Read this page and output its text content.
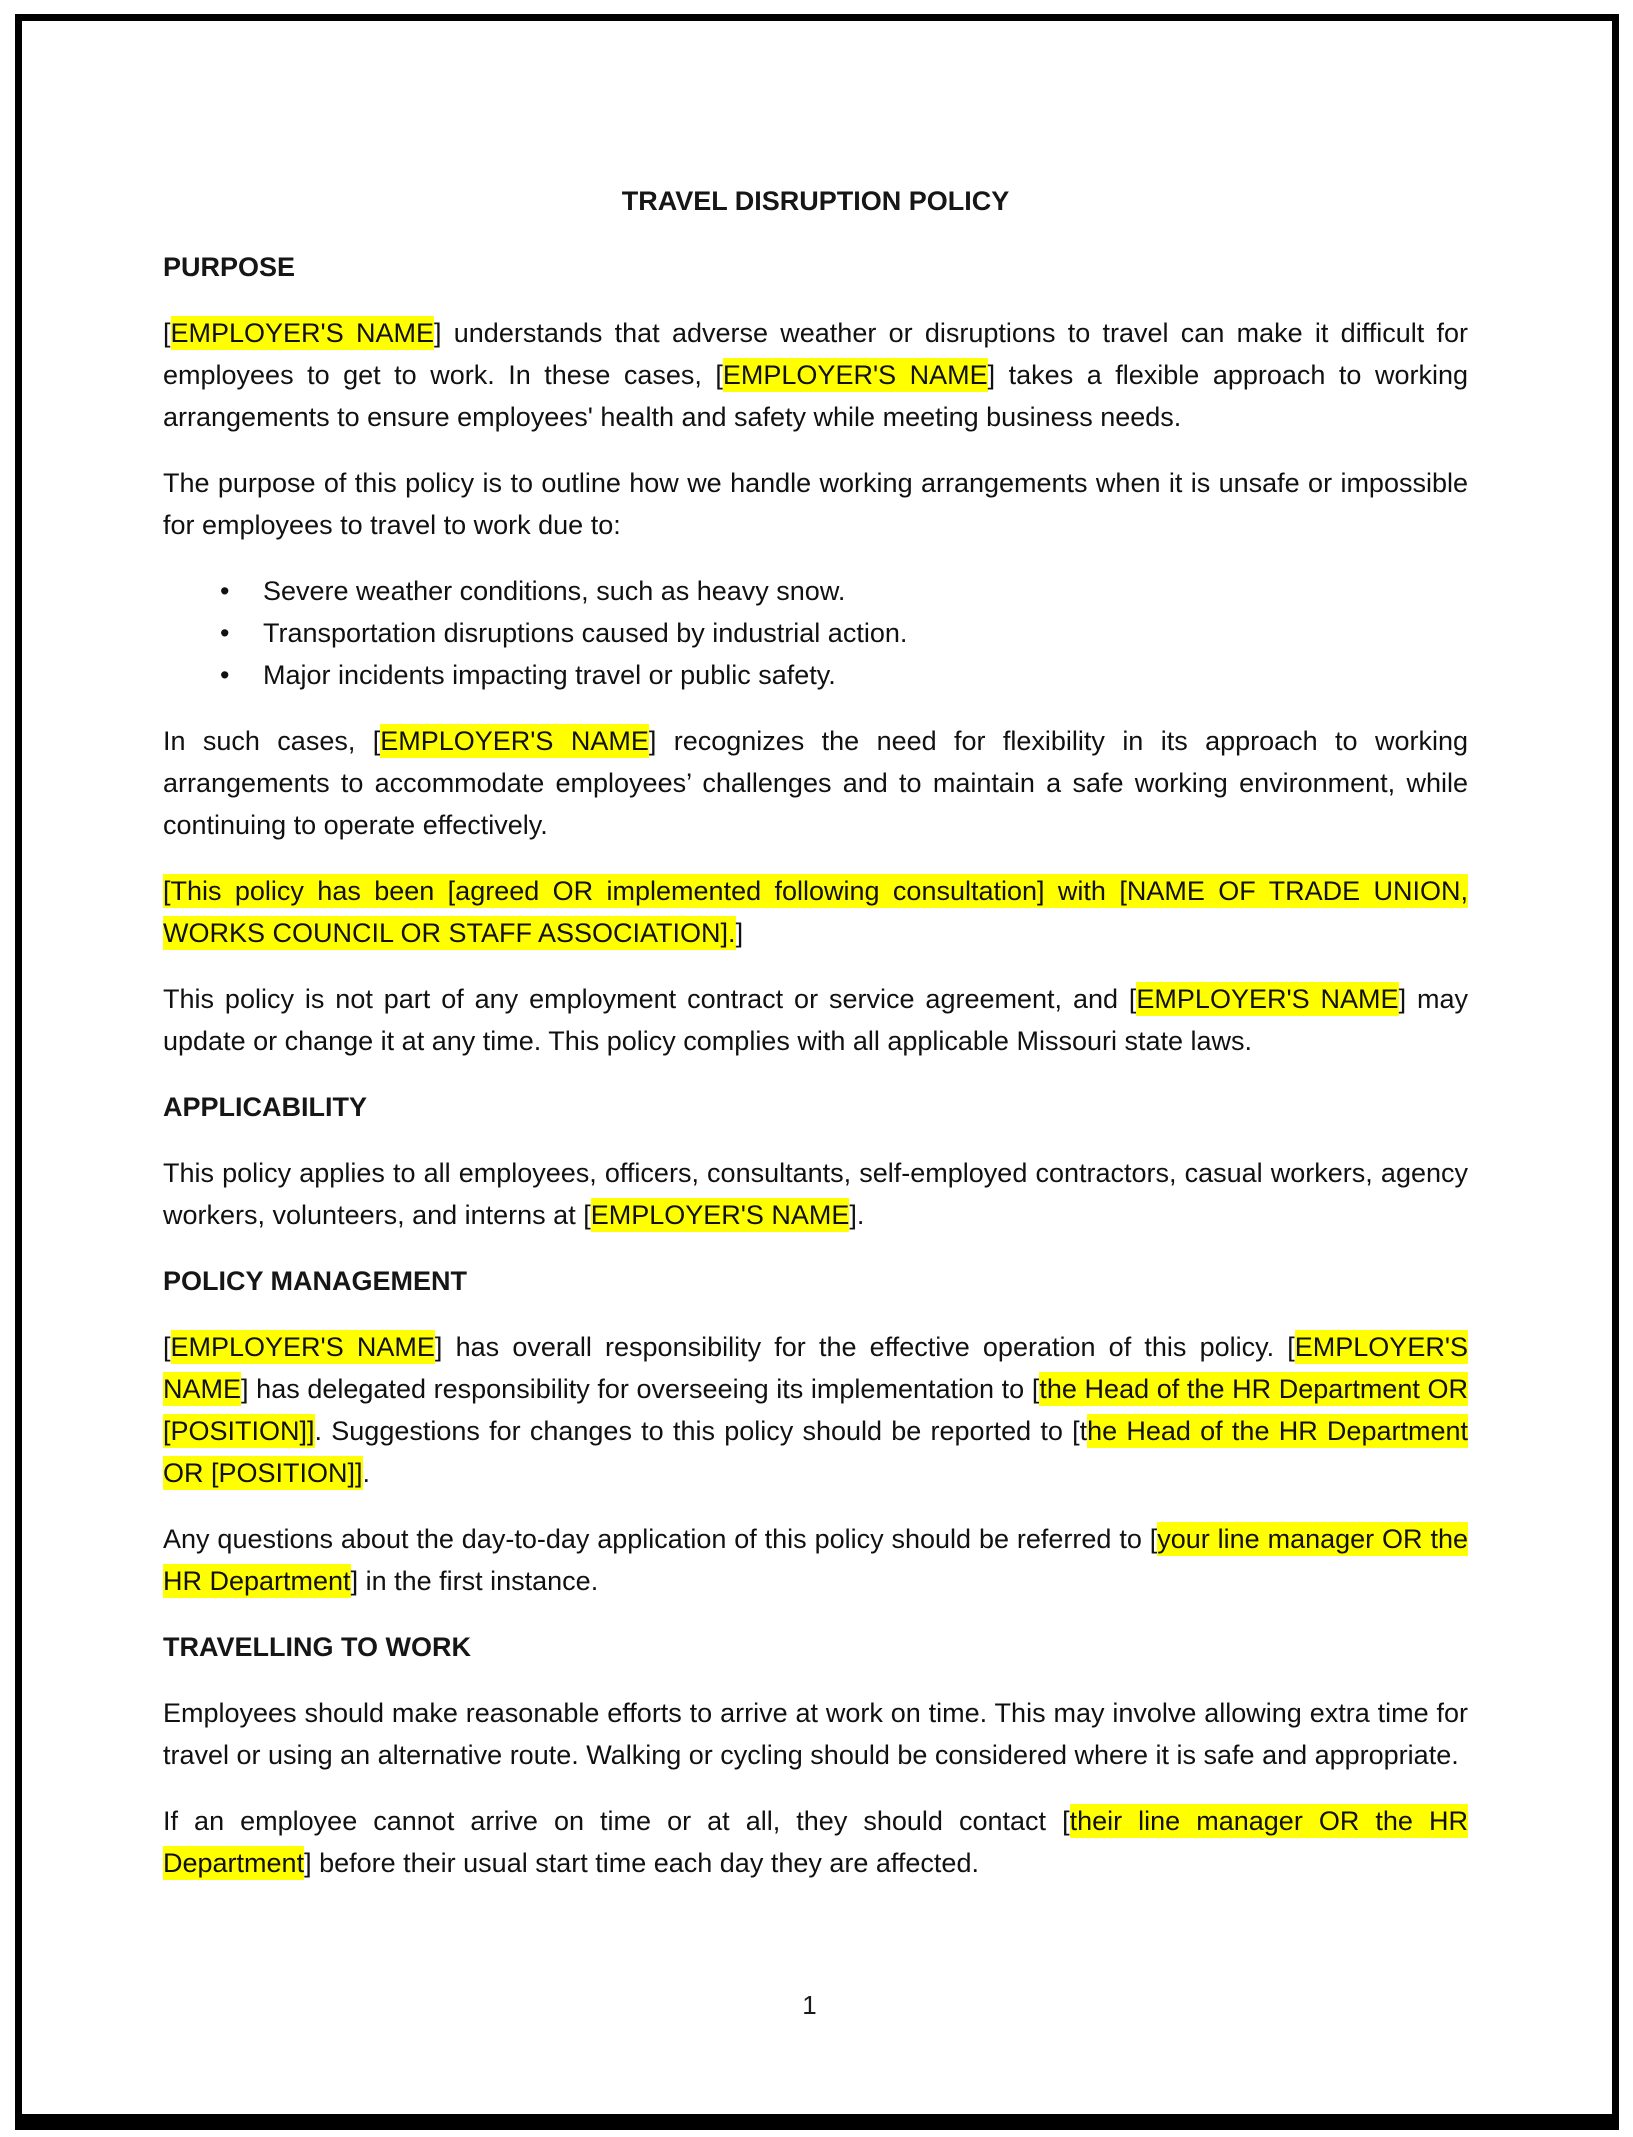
TRAVEL DISRUPTION POLICY
PURPOSE

[EMPLOYER'S NAME] understands that adverse weather or disruptions to travel can make it difficult for employees to get to work. In these cases, [EMPLOYER'S NAME] takes a flexible approach to working arrangements to ensure employees' health and safety while meeting business needs.

The purpose of this policy is to outline how we handle working arrangements when it is unsafe or impossible for employees to travel to work due to:

• Severe weather conditions, such as heavy snow.
• Transportation disruptions caused by industrial action.
• Major incidents impacting travel or public safety.

In such cases, [EMPLOYER'S NAME] recognizes the need for flexibility in its approach to working arrangements to accommodate employees’ challenges and to maintain a safe working environment, while continuing to operate effectively.

[This policy has been [agreed OR implemented following consultation] with [NAME OF TRADE UNION, WORKS COUNCIL OR STAFF ASSOCIATION].]

This policy is not part of any employment contract or service agreement, and [EMPLOYER'S NAME] may update or change it at any time. This policy complies with all applicable Missouri state laws.

APPLICABILITY

This policy applies to all employees, officers, consultants, self-employed contractors, casual workers, agency workers, volunteers, and interns at [EMPLOYER'S NAME].

POLICY MANAGEMENT

[EMPLOYER'S NAME] has overall responsibility for the effective operation of this policy. [EMPLOYER'S NAME] has delegated responsibility for overseeing its implementation to [the Head of the HR Department OR [POSITION]]. Suggestions for changes to this policy should be reported to [the Head of the HR Department OR [POSITION]].

Any questions about the day-to-day application of this policy should be referred to [your line manager OR the HR Department] in the first instance.

TRAVELLING TO WORK

Employees should make reasonable efforts to arrive at work on time. This may involve allowing extra time for travel or using an alternative route. Walking or cycling should be considered where it is safe and appropriate.

If an employee cannot arrive on time or at all, they should contact [their line manager OR the HR Department] before their usual start time each day they are affected.

1
